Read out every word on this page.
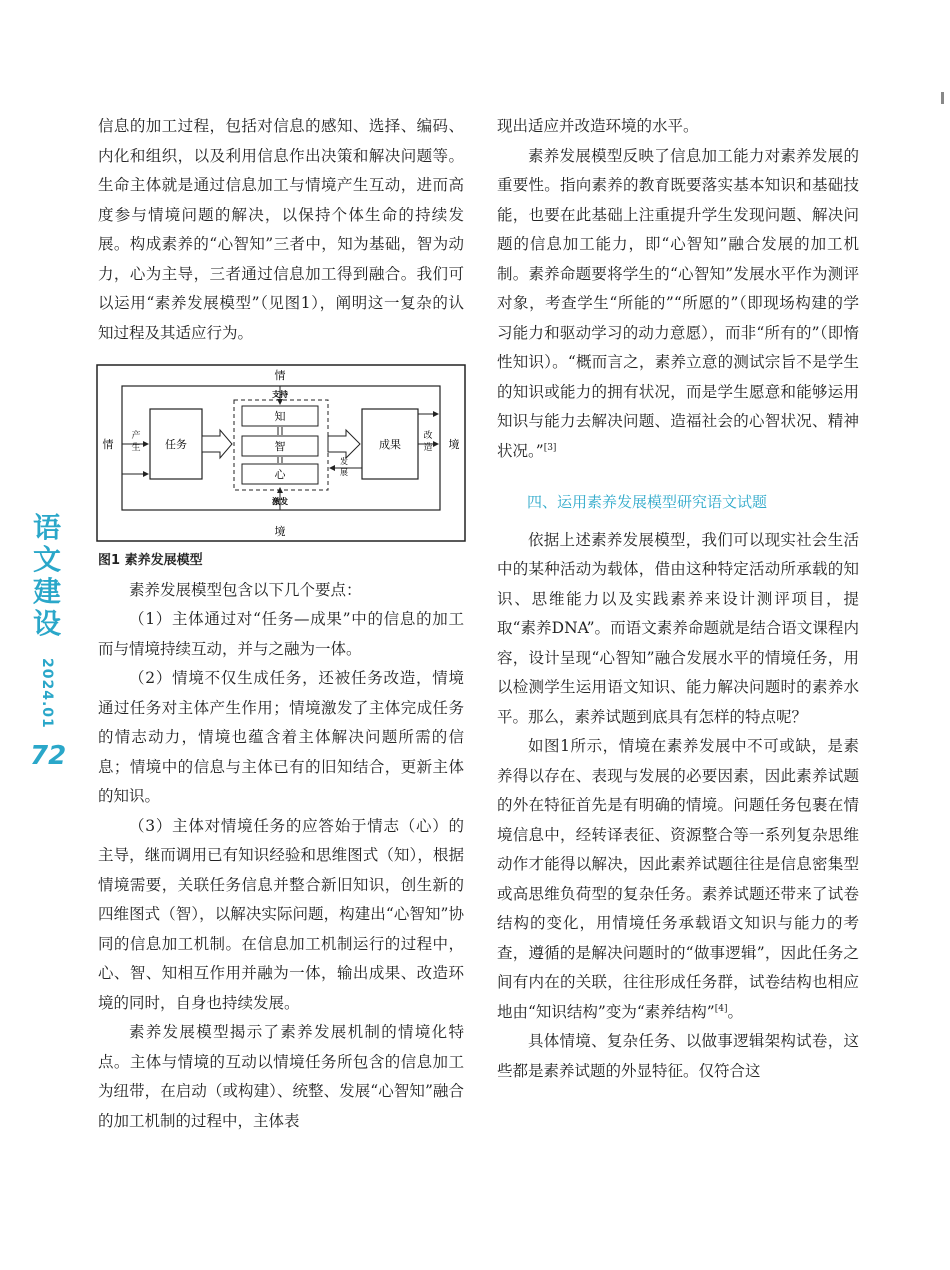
语
文
建
设
2024.01
72

信息的加工过程，包括对信息的感知、选择、编码、内化和组织，以及利用信息作出决策和解决问题等。生命主体就是通过信息加工与情境产生互动，进而高度参与情境问题的解决，以保持个体生命的持续发展。构成素养的“心智知”三者中，知为基础，智为动力，心为主导，三者通过信息加工得到融合。我们可以运用“素养发展模型”（见图1），阐明这一复杂的认知过程及其适应行为。

情
境
情	境
产
生 任务
支持
知
智
心
发
展
激发
成果
改
造

图1 素养发展模型

素养发展模型包含以下几个要点：

（1）主体通过对“任务—成果”中的信息的加工而与情境持续互动，并与之融为一体。

（2）情境不仅生成任务，还被任务改造，情境通过任务对主体产生作用；情境激发了主体完成任务的情志动力，情境也蕴含着主体解决问题所需的信息；情境中的信息与主体已有的旧知结合，更新主体的知识。

（3）主体对情境任务的应答始于情志（心）的主导，继而调用已有知识经验和思维图式（知），根据情境需要，关联任务信息并整合新旧知识，创生新的四维图式（智），以解决实际问题，构建出“心智知”协同的信息加工机制。在信息加工机制运行的过程中，心、智、知相互作用并融为一体，输出成果、改造环境的同时，自身也持续发展。

素养发展模型揭示了素养发展机制的情境化特点。主体与情境的互动以情境任务所包含的信息加工为纽带，在启动（或构建）、统整、发展“心智知”融合的加工机制的过程中，主体表

现出适应并改造环境的水平。

素养发展模型反映了信息加工能力对素养发展的重要性。指向素养的教育既要落实基本知识和基础技能，也要在此基础上注重提升学生发现问题、解决问题的信息加工能力，即“心智知”融合发展的加工机制。素养命题要将学生的“心智知”发展水平作为测评对象，考查学生“所能的”“所愿的”（即现场构建的学习能力和驱动学习的动力意愿），而非“所有的”（即惰性知识）。“概而言之，素养立意的测试宗旨不是学生的知识或能力的拥有状况，而是学生愿意和能够运用知识与能力去解决问题、造福社会的心智状况、精神状况。”[3]

四、运用素养发展模型研究语文试题

依据上述素养发展模型，我们可以现实社会生活中的某种活动为载体，借由这种特定活动所承载的知识、思维能力以及实践素养来设计测评项目，提取“素养DNA”。而语文素养命题就是结合语文课程内容，设计呈现“心智知”融合发展水平的情境任务，用以检测学生运用语文知识、能力解决问题时的素养水平。那么，素养试题到底具有怎样的特点呢？

如图1所示，情境在素养发展中不可或缺，是素养得以存在、表现与发展的必要因素，因此素养试题的外在特征首先是有明确的情境。问题任务包裹在情境信息中，经转译表征、资源整合等一系列复杂思维动作才能得以解决，因此素养试题往往是信息密集型或高思维负荷型的复杂任务。素养试题还带来了试卷结构的变化，用情境任务承载语文知识与能力的考查，遵循的是解决问题时的“做事逻辑”，因此任务之间有内在的关联，往往形成任务群，试卷结构也相应地由“知识结构”变为“素养结构”[4]。

具体情境、复杂任务、以做事逻辑架构试卷，这些都是素养试题的外显特征。仅符合这
